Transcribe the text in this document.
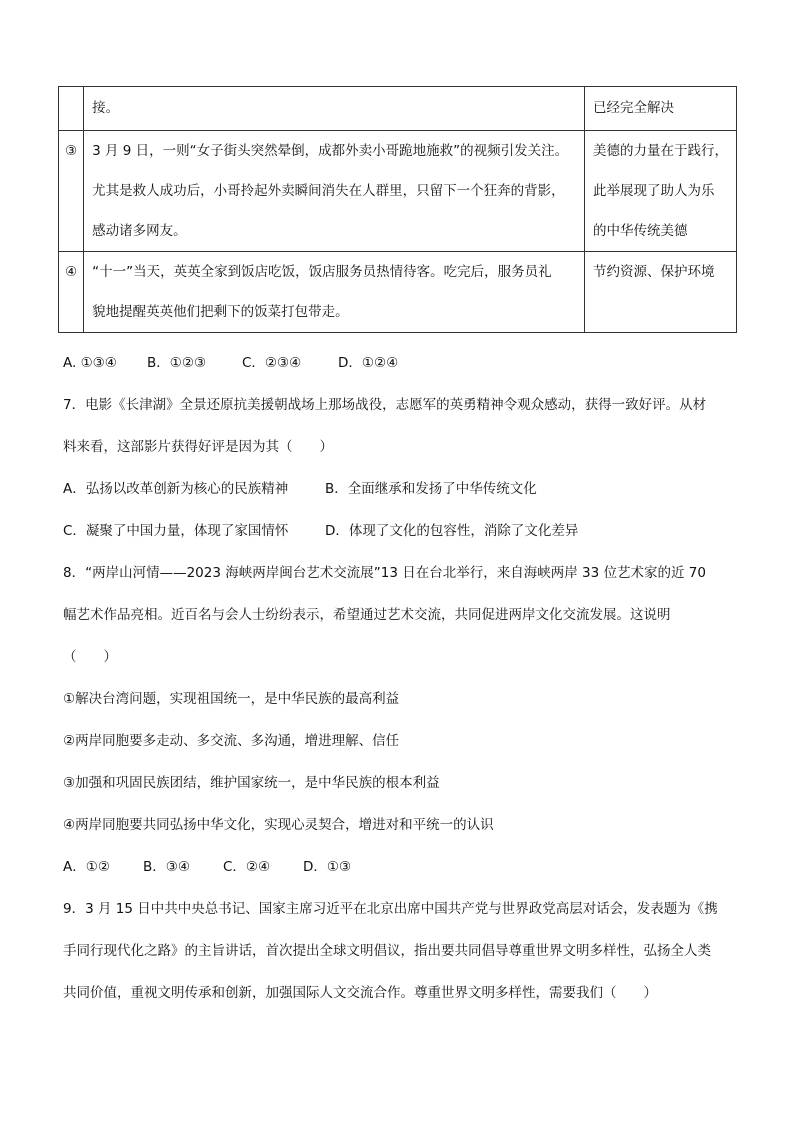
	接。	已经完全解决

③	3 月 9 日，一则“女子街头突然晕倒，成都外卖小哥跪地施救”的视频引发关注。
尤其是救人成功后，小哥拎起外卖瞬间消失在人群里，只留下一个狂奔的背影，
感动诸多网友。	美德的力量在于践行，
此举展现了助人为乐
的中华传统美德

④	“十一”当天，英英全家到饭店吃饭，饭店服务员热情待客。吃完后，服务员礼
貌地提醒英英他们把剩下的饭菜打包带走。	节约资源、保护环境
A. ①③④ B．①②③	C．②③④	D．①②④
7．电影《长津湖》全景还原抗美援朝战场上那场战役，志愿军的英勇精神令观众感动，获得一致好评。从材
料来看，这部影片获得好评是因为其（　　）
A．弘扬以改革创新为核心的民族精神	B．全面继承和发扬了中华传统文化
C．凝聚了中国力量，体现了家国情怀	D．体现了文化的包容性，消除了文化差异
8．“两岸山河情——2023 海峡两岸闽台艺术交流展”13 日在台北举行，来自海峡两岸 33 位艺术家的近 70
幅艺术作品亮相。近百名与会人士纷纷表示，希望通过艺术交流，共同促进两岸文化交流发展。这说明
（　　）
①解决台湾问题，实现祖国统一，是中华民族的最高利益
②两岸同胞要多走动、多交流、多沟通，增进理解、信任
③加强和巩固民族团结，维护国家统一，是中华民族的根本利益
④两岸同胞要共同弘扬中华文化，实现心灵契合，增进对和平统一的认识
A．①② B．③④ C．②④ D．①③
9．3 月 15 日中共中央总书记、国家主席习近平在北京出席中国共产党与世界政党高层对话会，发表题为《携
手同行现代化之路》的主旨讲话，首次提出全球文明倡议，指出要共同倡导尊重世界文明多样性，弘扬全人类
共同价值，重视文明传承和创新，加强国际人文交流合作。尊重世界文明多样性，需要我们（　　）
